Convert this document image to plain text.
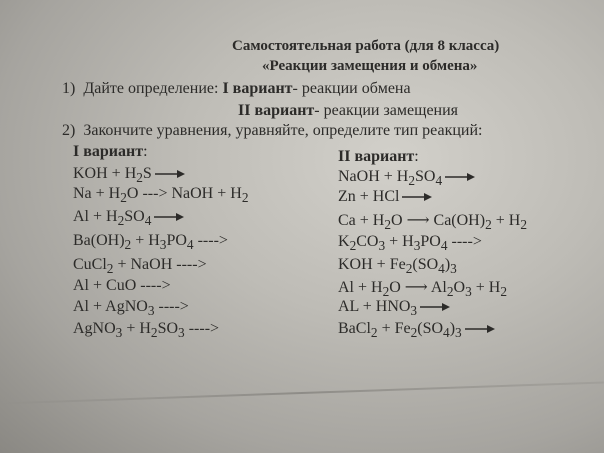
Самостоятельная работа (для 8 класса)
«Реакции замещения и обмена»
1) Дайте определение: I вариант- реакции обмена
II вариант- реакции замещения
2) Закончите уравнения, уравняйте, определите тип реакций:
I вариант:	II вариант:
KOH + $H_2S$ →
$Na + H_2O$ ---> NaOH + $H_2$
$Al + H_2SO_4$ →
$Ba(OH)_2 + H_3PO_4$ ---->
CuCl$_2$ + NaOH ---->
Al + CuO ---->
Al + AgNO$_3$ ---->
AgNO$_3$ + $H_2SO_3$ ---->
NaOH + $H_2SO_4$ →
Zn + HCl →
$Ca + H_2O$ ⟶ $Ca(OH)_2 + H_2$
$K_2CO_3 + H_3PO_4$ ---->
KOH + $Fe_2(SO_4)_3$
$Al + H_2O$ ⟶ $Al_2O_3 + H_2$
AL + $HNO_3$ →
BaCl$_2$ + $Fe_2(SO_4)_3$ →
